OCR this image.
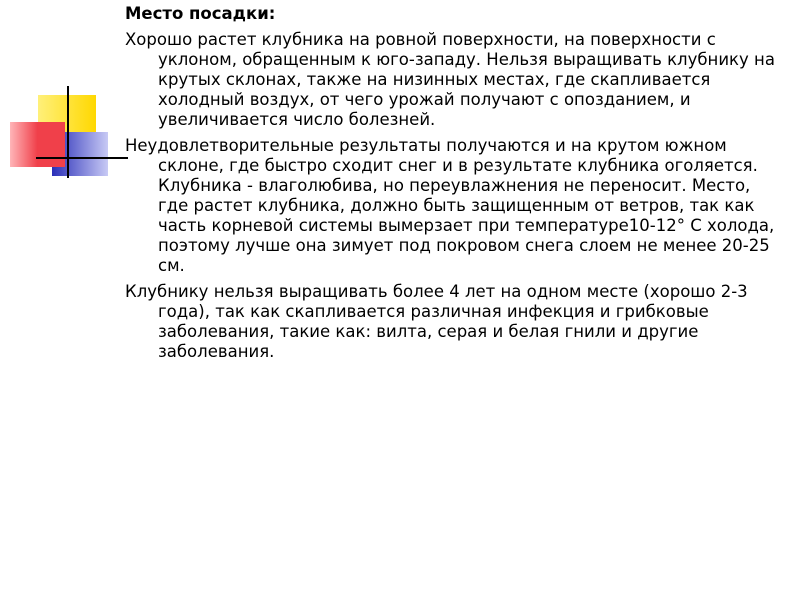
Место посадки:
Хорошо растет клубника на ровной поверхности, на поверхности с уклоном, обращенным к юго-западу. Нельзя выращивать клубнику на крутых склонах, также на низинных местах, где скапливается холодный воздух, от чего урожай получают с опозданием, и увеличивается число болезней.
Неудовлетворительные результаты получаются и на крутом южном склоне, где быстро сходит снег и в результате клубника оголяется. Клубника - влаголюбива, но переувлажнения не переносит. Место, где растет клубника, должно быть защищенным от ветров, так как часть корневой системы вымерзает при температуре10-12° С холода, поэтому лучше она зимует под покровом снега слоем не менее 20-25 см.
Клубнику нельзя выращивать более 4 лет на одном месте (хорошо 2-3 года), так как скапливается различная инфекция и грибковые заболевания, такие как: вилта, серая и белая гнили и другие заболевания.
